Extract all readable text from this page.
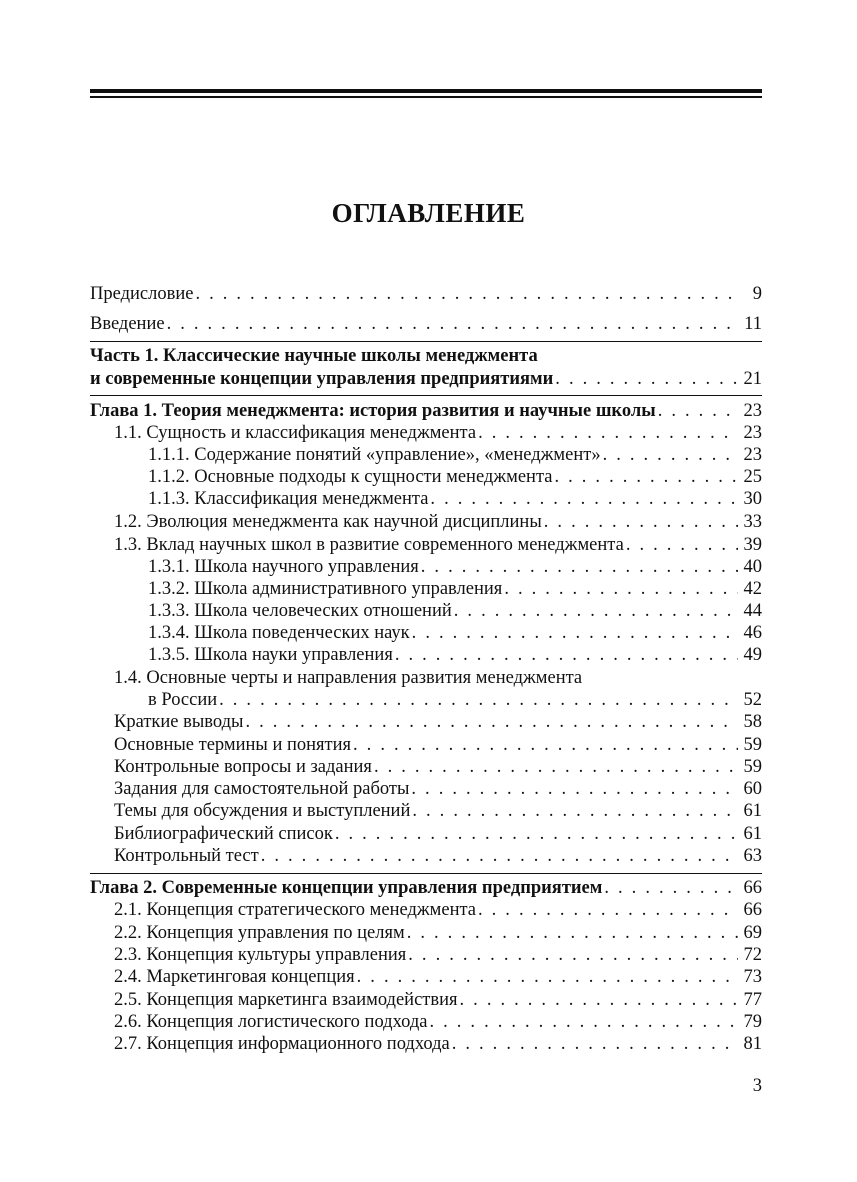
ОГЛАВЛЕНИЕ
Предисловие . . .	9
Введение . . .	11
Часть 1. Классические научные школы менеджмента
и современные концепции управления предприятиями . . .	21
Глава 1. Теория менеджмента: история развития и научные школы . . .	23
1.1. Сущность и классификация менеджмента . . .	23
1.1.1. Содержание понятий «управление», «менеджмент» . . .	23
1.1.2. Основные подходы к сущности менеджмента . . .	25
1.1.3. Классификация менеджмента . . .	30
1.2. Эволюция менеджмента как научной дисциплины . . .	33
1.3. Вклад научных школ в развитие современного менеджмента . . .	39
1.3.1. Школа научного управления . . .	40
1.3.2. Школа административного управления . . .	42
1.3.3. Школа человеческих отношений . . .	44
1.3.4. Школа поведенческих наук . . .	46
1.3.5. Школа науки управления . . .	49
1.4. Основные черты и направления развития менеджмента
в России . . .	52
Краткие выводы . . .	58
Основные термины и понятия . . .	59
Контрольные вопросы и задания . . .	59
Задания для самостоятельной работы . . .	60
Темы для обсуждения и выступлений . . .	61
Библиографический список . . .	61
Контрольный тест . . .	63
Глава 2. Современные концепции управления предприятием . . .	66
2.1. Концепция стратегического менеджмента . . .	66
2.2. Концепция управления по целям . . .	69
2.3. Концепция культуры управления . . .	72
2.4. Маркетинговая концепция . . .	73
2.5. Концепция маркетинга взаимодействия . . .	77
2.6. Концепция логистического подхода . . .	79
2.7. Концепция информационного подхода . . .	81
3
